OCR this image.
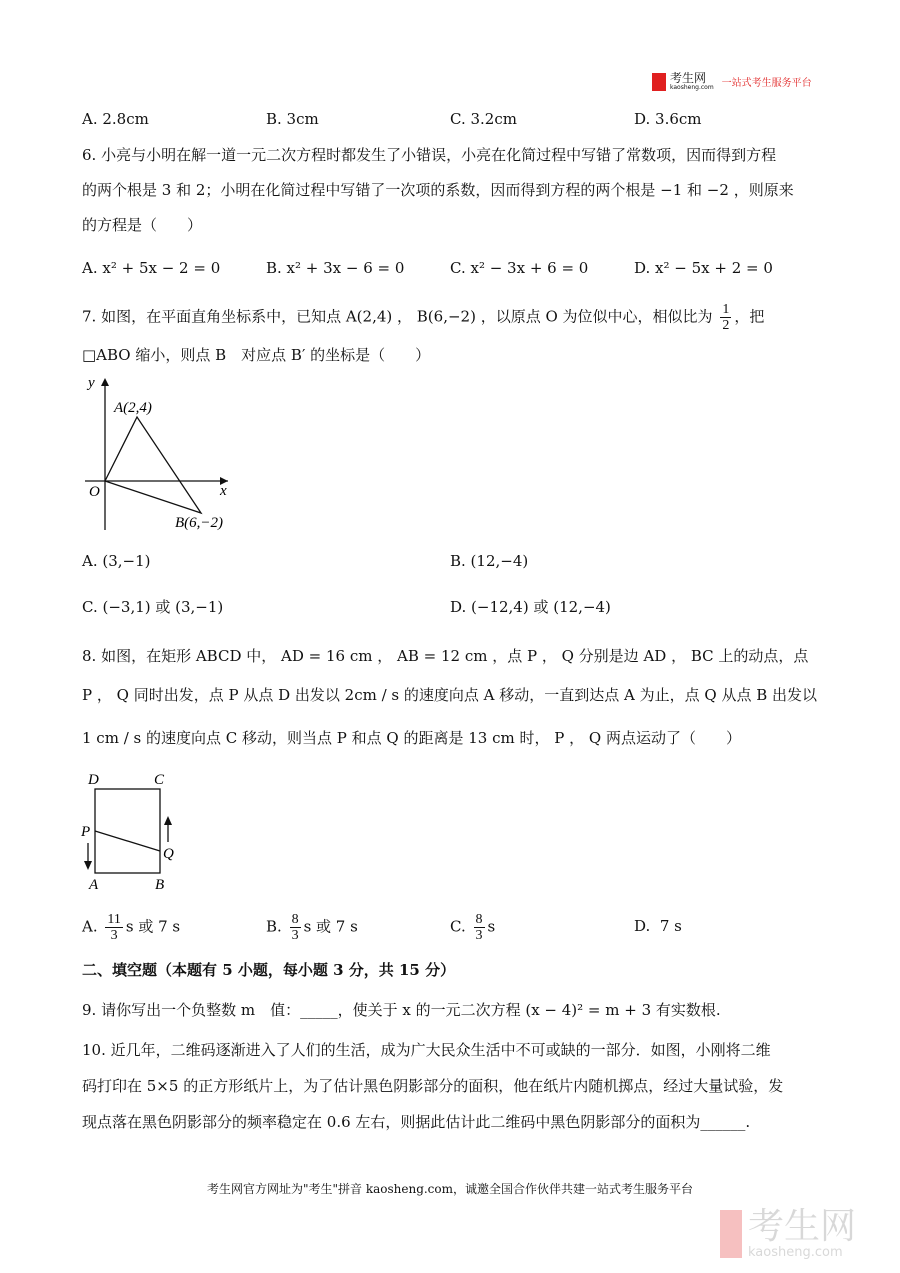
考生网
kaosheng.com 一站式考生服务平台
A. 2.8cm	B. 3cm	C. 3.2cm	D. 3.6cm
6. 小亮与小明在解一道一元二次方程时都发生了小错误，小亮在化简过程中写错了常数项，因而得到方程
的两个根是 3 和 2；小明在化简过程中写错了一次项的系数，因而得到方程的两个根是 −1 和 −2 ，则原来
的方程是（　　）
A. x² + 5x − 2 = 0	B. x² + 3x − 6 = 0	C. x² − 3x + 6 = 0	D. x² − 5x + 2 = 0
7. 如图，在平面直角坐标系中，已知点 A(2,4) ， B(6,−2) ，以原点 O 为位似中心，相似比为 $\frac{1}{2}$ ，把
□ABO 缩小，则点 B　对应点 B′ 的坐标是（　　）
y
x
O
A(2,4)
B(6,−2)
A. (3,−1)	B. (12,−4)
C. (−3,1) 或 (3,−1)	D. (−12,4) 或 (12,−4)
8. 如图，在矩形 ABCD 中， AD = 16 cm ， AB = 12 cm ，点 P ， Q 分别是边 AD ， BC 上的动点，点
P ， Q 同时出发，点 P 从点 D 出发以 2cm / s 的速度向点 A 移动，一直到达点 A 为止，点 Q 从点 B 出发以
1 cm / s 的速度向点 C 移动，则当点 P 和点 Q 的距离是 13 cm 时， P ， Q 两点运动了（　　）
D	C
P
Q
A	B
A. $\frac{11}{3}$ s 或 7 s	B. $\frac{8}{3}$ s 或 7 s	C. $\frac{8}{3}$ s	D. 7 s
二、填空题（本题有 5 小题，每小题 3 分，共 15 分）
9. 请你写出一个负整数 m　值：_____，使关于 x 的一元二次方程 (x − 4)² = m + 3 有实数根.
10. 近几年，二维码逐渐进入了人们的生活，成为广大民众生活中不可或缺的一部分．如图，小刚将二维
码打印在 5×5 的正方形纸片上，为了估计黑色阴影部分的面积，他在纸片内随机掷点，经过大量试验，发
现点落在黑色阴影部分的频率稳定在 0.6 左右，则据此估计此二维码中黑色阴影部分的面积为______.
考生网官方网址为"考生"拼音 kaosheng.com，诚邀全国合作伙伴共建一站式考生服务平台
考生网
kaosheng.com
